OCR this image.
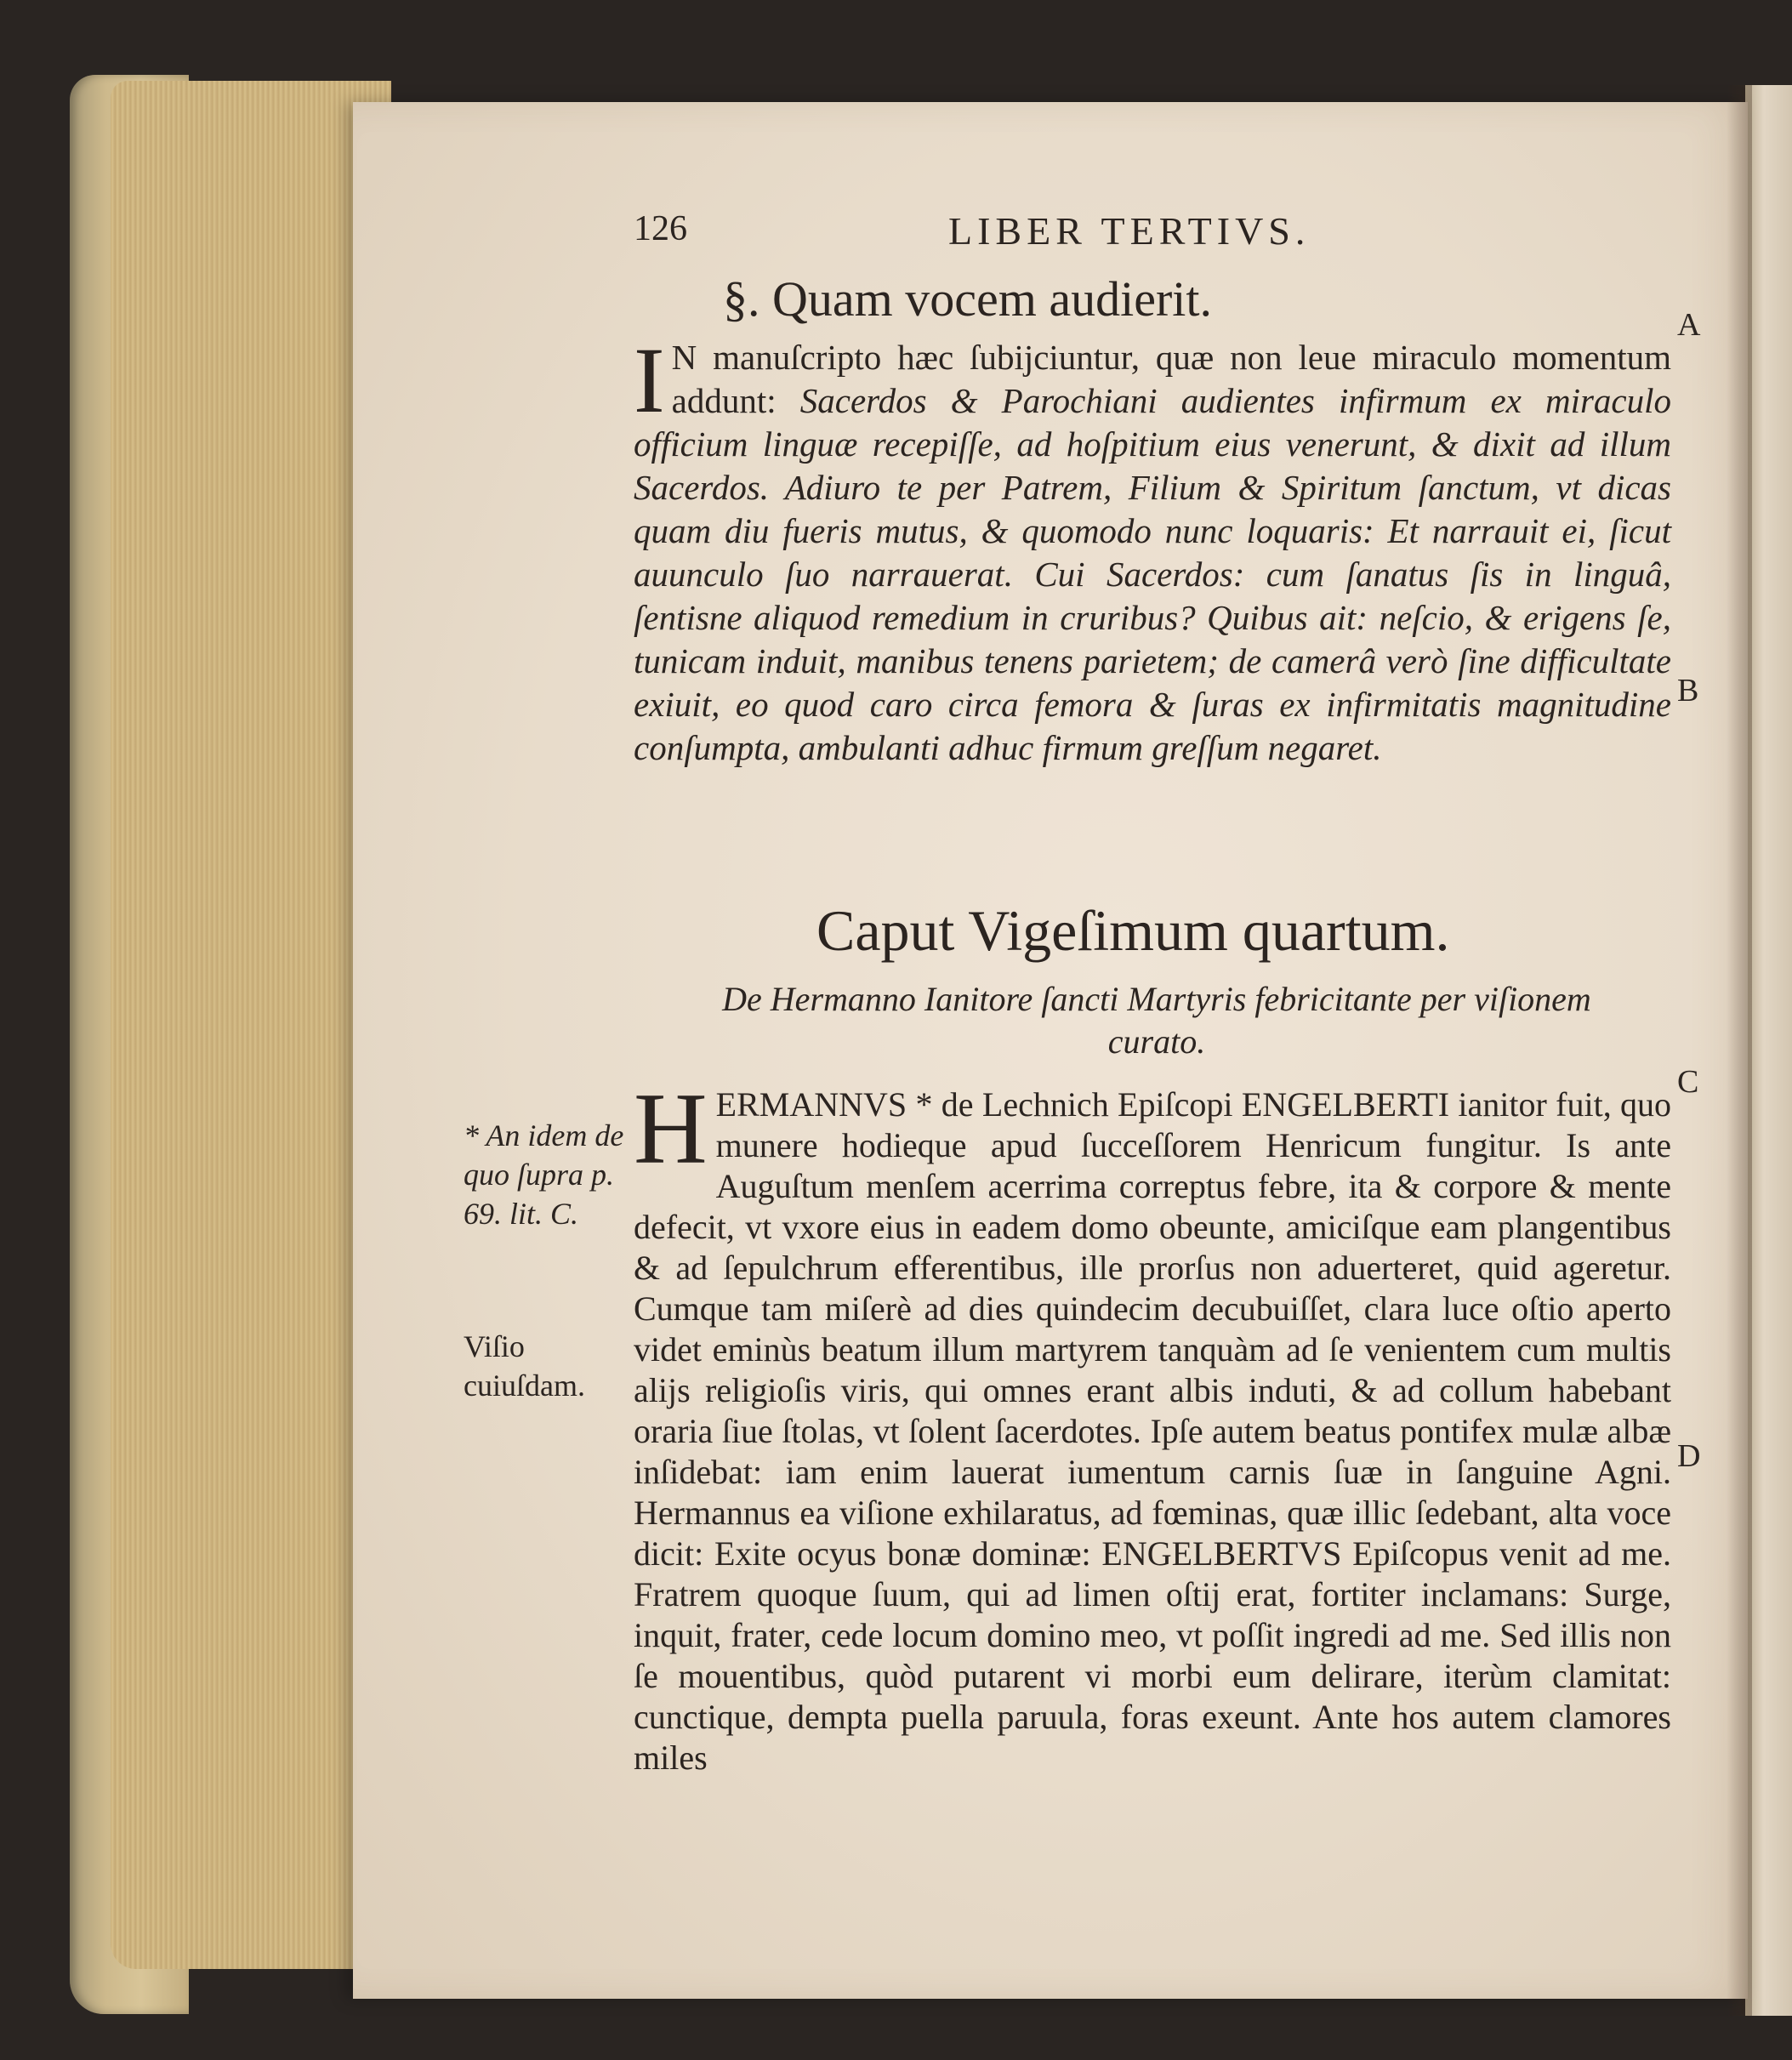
126	LIBER TERTIVS.
§. Quam vocem audierit.

I N manuſcripto hæc ſubijciuntur, quæ non leue miraculo momentum addunt: Sacerdos & Parochiani audientes infirmum ex miraculo officium linguæ recepiſſe, ad hoſpitium eius venerunt, & dixit ad illum Sacerdos. Adiuro te per Patrem, Filium & Spiritum ſanctum, vt dicas quam diu fueris mutus, & quomodo nunc loquaris: Et narrauit ei, ſicut auunculo ſuo narrauerat. Cui Sacerdos: cum ſanatus ſis in linguâ, ſentisne aliquod remedium in cruribus? Quibus ait: neſcio, & erigens ſe, tunicam induit, manibus tenens parietem; de camerâ verò ſine difficultate exiuit, eo quod caro circa femora & ſuras ex infirmitatis magnitudine conſumpta, ambulanti adhuc firmum greſſum negaret.

Caput Vigeſimum quartum.
De Hermanno Ianitore ſancti Martyris febricitante per viſionem curato.

H ERMANNVS * de Lechnich Epiſcopi ENGELBERTI ianitor fuit, quo munere hodieque apud ſucceſſorem Henricum fungitur. Is ante Auguſtum menſem acerrima correptus febre, ita & corpore & mente defecit, vt vxore eius in eadem domo obeunte, amiciſque eam plangentibus & ad ſepulchrum efferentibus, ille prorſus non aduerteret, quid ageretur. Cumque tam miſerè ad dies quindecim decubuiſſet, clara luce oſtio aperto videt eminùs beatum illum martyrem tanquàm ad ſe venientem cum multis alijs religioſis viris, qui omnes erant albis induti, & ad collum habebant oraria ſiue ſtolas, vt ſolent ſacerdotes. Ipſe autem beatus pontifex mulæ albæ inſidebat: iam enim lauerat iumentum carnis ſuæ in ſanguine Agni. Hermannus ea viſione exhilaratus, ad fœminas, quæ illic ſedebant, alta voce dicit: Exite ocyus bonæ dominæ: ENGELBERTVS Epiſcopus venit ad me. Fratrem quoque ſuum, qui ad limen oſtij erat, fortiter inclamans: Surge, inquit, frater, cede locum domino meo, vt poſſit ingredi ad me. Sed illis non ſe mouentibus, quòd putarent vi morbi eum delirare, iterùm clamitat: cunctique, dempta puella paruula, foras exeunt. Ante hos autem clamores miles

* An idem de quo ſupra p. 69. lit. C.
Viſio cuiuſdam.
A
B
C
D
